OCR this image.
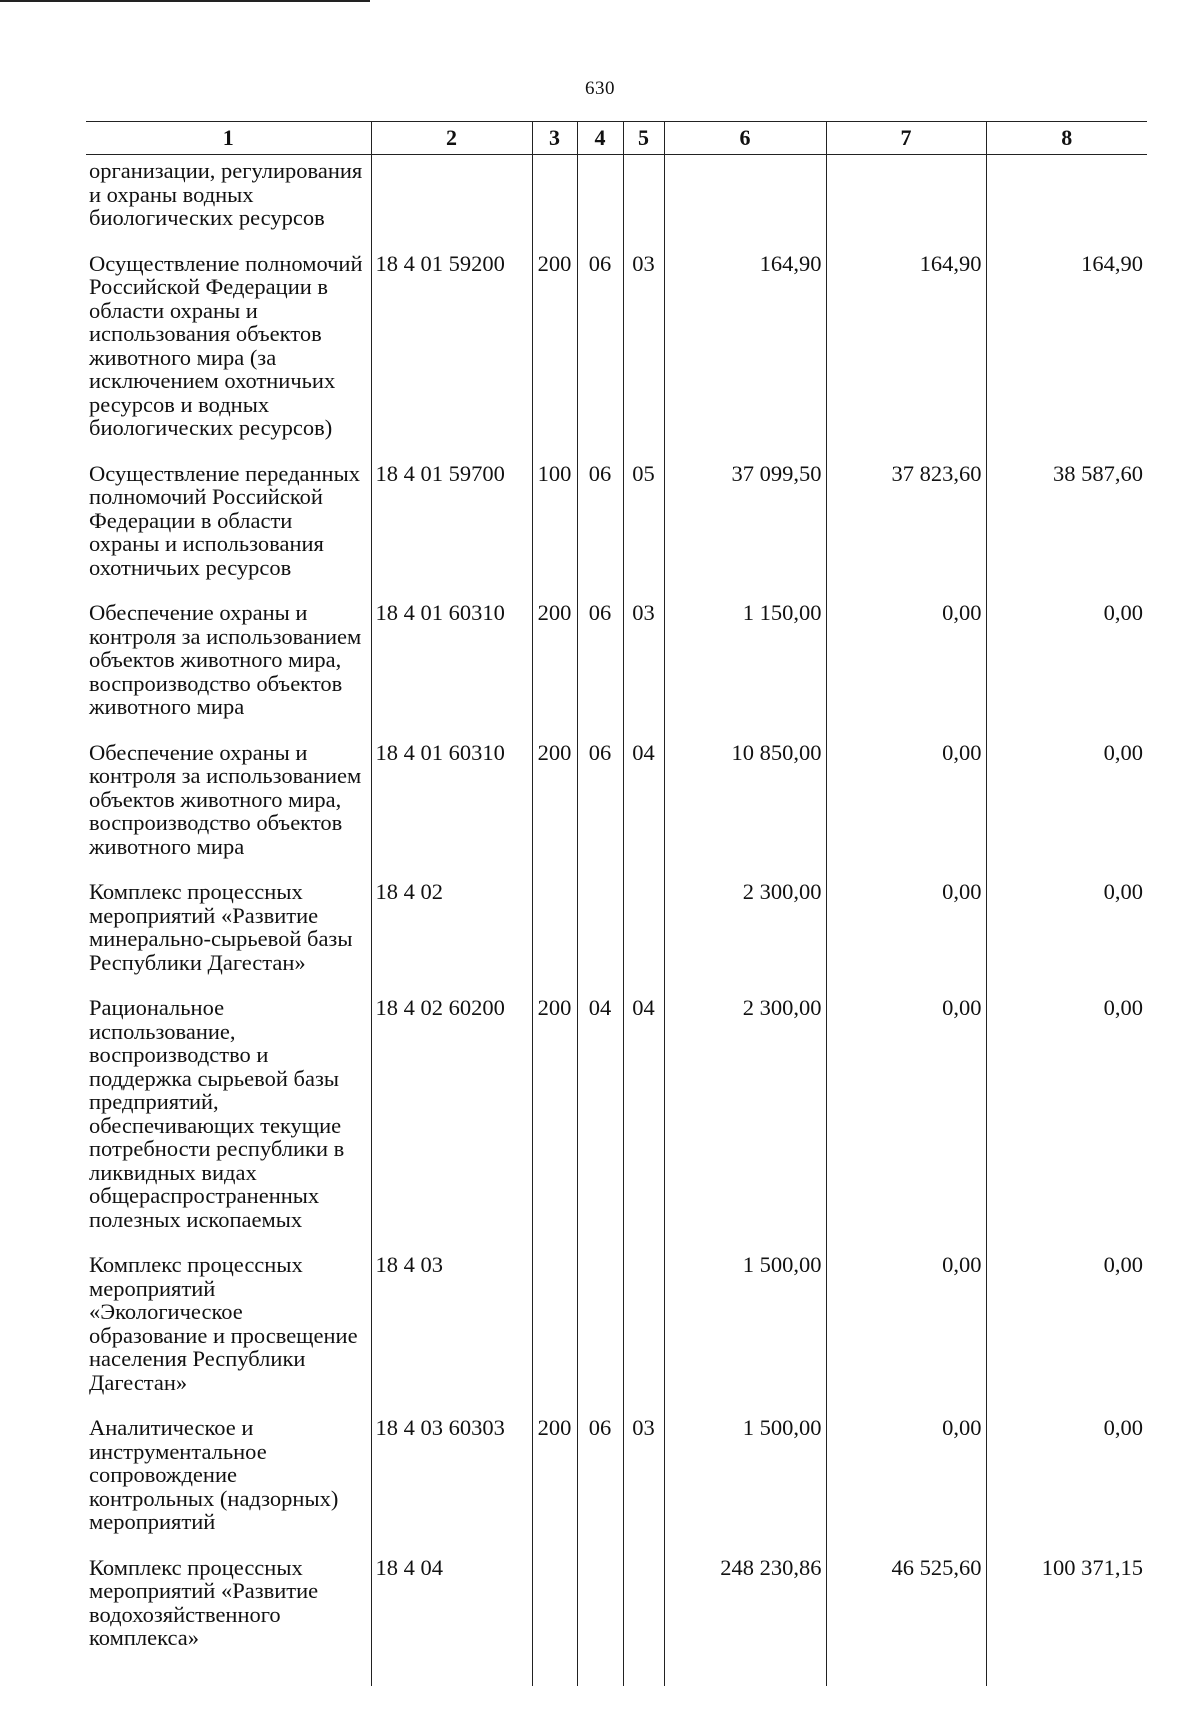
630
1	2	3	4	5	6	7	8
организации, регулирования и охраны водных биологических ресурсов							
Осуществление полномочий Российской Федерации в области охраны и использования объектов животного мира (за исключением охотничьих ресурсов и водных биологических ресурсов)	18 4 01 59200	200	06	03	164,90	164,90	164,90
Осуществление переданных полномочий Российской Федерации в области охраны и использования охотничьих ресурсов	18 4 01 59700	100	06	05	37 099,50	37 823,60	38 587,60
Обеспечение охраны и контроля за использованием объектов животного мира, воспроизводство объектов животного мира	18 4 01 60310	200	06	03	1 150,00	0,00	0,00
Обеспечение охраны и контроля за использованием объектов животного мира, воспроизводство объектов животного мира	18 4 01 60310	200	06	04	10 850,00	0,00	0,00
Комплекс процессных мероприятий «Развитие минерально-сырьевой базы Республики Дагестан»	18 4 02				2 300,00	0,00	0,00
Рациональное использование, воспроизводство и поддержка сырьевой базы предприятий, обеспечивающих текущие потребности республики в ликвидных видах общераспространенных полезных ископаемых	18 4 02 60200	200	04	04	2 300,00	0,00	0,00
Комплекс процессных мероприятий «Экологическое образование и просвещение населения Республики Дагестан»	18 4 03				1 500,00	0,00	0,00
Аналитическое и инструментальное сопровождение контрольных (надзорных) мероприятий	18 4 03 60303	200	06	03	1 500,00	0,00	0,00
Комплекс процессных мероприятий «Развитие водохозяйственного комплекса»	18 4 04				248 230,86	46 525,60	100 371,15
